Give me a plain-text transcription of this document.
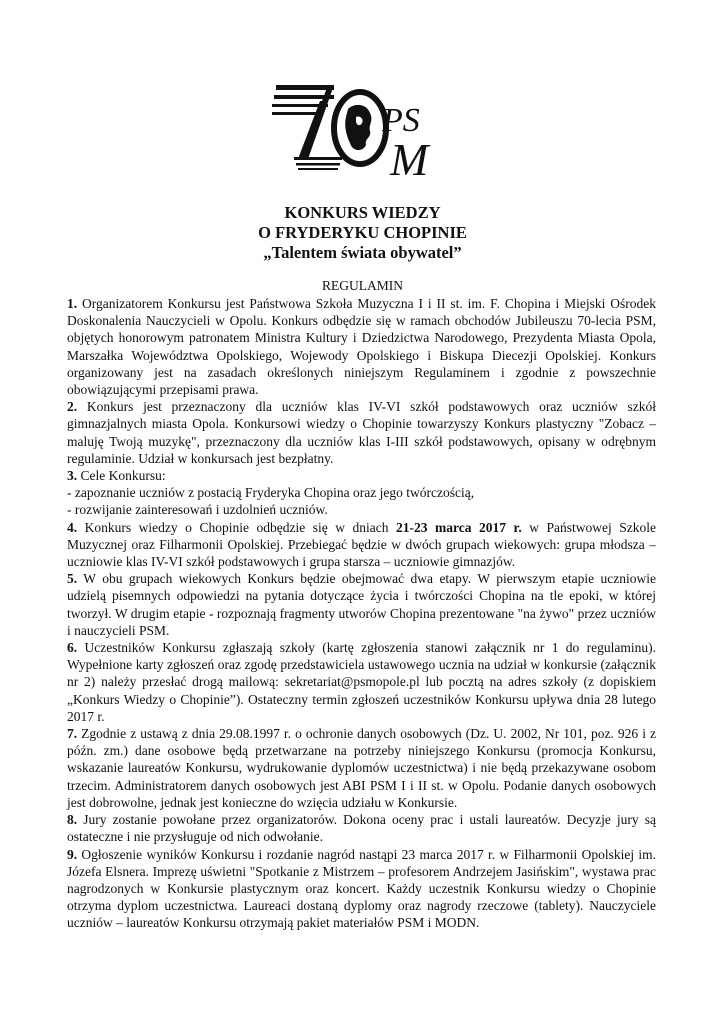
PS
M
KONKURS WIEDZY
O FRYDERYKU CHOPINIE
„Talentem świata obywatel”
REGULAMIN

1. Organizatorem Konkursu jest Państwowa Szkoła Muzyczna I i II st. im. F. Chopina i Miejski Ośrodek Doskonalenia Nauczycieli w Opolu. Konkurs odbędzie się w ramach obchodów Jubileuszu 70-lecia PSM, objętych honorowym patronatem Ministra Kultury i Dziedzictwa Narodowego, Prezydenta Miasta Opola, Marszałka Województwa Opolskiego, Wojewody Opolskiego i Biskupa Diecezji Opolskiej. Konkurs organizowany jest na zasadach określonych niniejszym Regulaminem i zgodnie z powszechnie obowiązującymi przepisami prawa.

2. Konkurs jest przeznaczony dla uczniów klas IV-VI szkół podstawowych oraz uczniów szkół gimnazjalnych miasta Opola. Konkursowi wiedzy o Chopinie towarzyszy Konkurs plastyczny "Zobacz – maluję Twoją muzykę", przeznaczony dla uczniów klas I-III szkół podstawowych, opisany w odrębnym regulaminie. Udział w konkursach jest bezpłatny.

3. Cele Konkursu:

- zapoznanie uczniów z postacią Fryderyka Chopina oraz jego twórczością,

- rozwijanie zainteresowań i uzdolnień uczniów.

4. Konkurs wiedzy o Chopinie odbędzie się w dniach 21-23 marca 2017 r. w Państwowej Szkole Muzycznej oraz Filharmonii Opolskiej. Przebiegać będzie w dwóch grupach wiekowych: grupa młodsza – uczniowie klas IV-VI szkół podstawowych i grupa starsza – uczniowie gimnazjów.

5. W obu grupach wiekowych Konkurs będzie obejmować dwa etapy. W pierwszym etapie uczniowie udzielą pisemnych odpowiedzi na pytania dotyczące życia i twórczości Chopina na tle epoki, w której tworzył. W drugim etapie - rozpoznają fragmenty utworów Chopina prezentowane "na żywo" przez uczniów i nauczycieli PSM.

6. Uczestników Konkursu zgłaszają szkoły (kartę zgłoszenia stanowi załącznik nr 1 do regulaminu). Wypełnione karty zgłoszeń oraz zgodę przedstawiciela ustawowego ucznia na udział w konkursie (załącznik nr 2) należy przesłać drogą mailową: sekretariat@psmopole.pl lub pocztą na adres szkoły (z dopiskiem „Konkurs Wiedzy o Chopinie”). Ostateczny termin zgłoszeń uczestników Konkursu upływa dnia 28 lutego 2017 r.

7. Zgodnie z ustawą z dnia 29.08.1997 r. o ochronie danych osobowych (Dz. U. 2002, Nr 101, poz. 926 i z późn. zm.) dane osobowe będą przetwarzane na potrzeby niniejszego Konkursu (promocja Konkursu, wskazanie laureatów Konkursu, wydrukowanie dyplomów uczestnictwa) i nie będą przekazywane osobom trzecim. Administratorem danych osobowych jest ABI PSM I i II st. w Opolu. Podanie danych osobowych jest dobrowolne, jednak jest konieczne do wzięcia udziału w Konkursie.

8. Jury zostanie powołane przez organizatorów. Dokona oceny prac i ustali laureatów. Decyzje jury są ostateczne i nie przysługuje od nich odwołanie.

9. Ogłoszenie wyników Konkursu i rozdanie nagród nastąpi 23 marca 2017 r. w Filharmonii Opolskiej im. Józefa Elsnera. Imprezę uświetni "Spotkanie z Mistrzem – profesorem Andrzejem Jasińskim", wystawa prac nagrodzonych w Konkursie plastycznym oraz koncert. Każdy uczestnik Konkursu wiedzy o Chopinie otrzyma dyplom uczestnictwa. Laureaci dostaną dyplomy oraz nagrody rzeczowe (tablety). Nauczyciele uczniów – laureatów Konkursu otrzymają pakiet materiałów PSM i MODN.
